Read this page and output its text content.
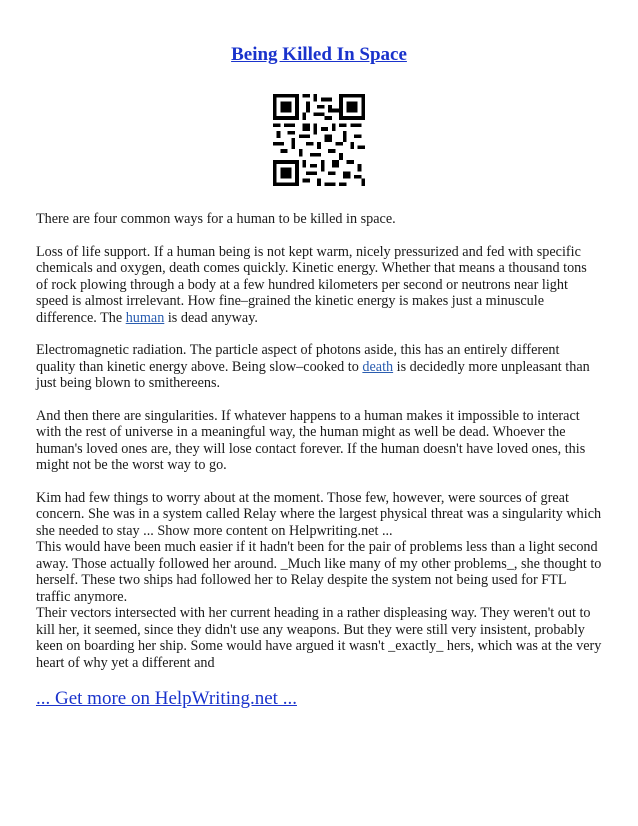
Being Killed In Space

There are four common ways for a human to be killed in space.

Loss of life support. If a human being is not kept warm, nicely pressurized and fed with specific chemicals and oxygen, death comes quickly. Kinetic energy. Whether that means a thousand tons of rock plowing through a body at a few hundred kilometers per second or neutrons near light speed is almost irrelevant. How fine–grained the kinetic energy is makes just a minuscule difference. The human is dead anyway.

Electromagnetic radiation. The particle aspect of photons aside, this has an entirely different quality than kinetic energy above. Being slow–cooked to death is decidedly more unpleasant than just being blown to smithereens.

And then there are singularities. If whatever happens to a human makes it impossible to interact with the rest of universe in a meaningful way, the human might as well be dead. Whoever the human's loved ones are, they will lose contact forever. If the human doesn't have loved ones, this might not be the worst way to go.

Kim had few things to worry about at the moment. Those few, however, were sources of great concern. She was in a system called Relay where the largest physical threat was a singularity which she needed to stay ... Show more content on Helpwriting.net ...

This would have been much easier if it hadn't been for the pair of problems less than a light second away. Those actually followed her around. _Much like many of my other problems_, she thought to herself. These two ships had followed her to Relay despite the system not being used for FTL traffic anymore.

Their vectors intersected with her current heading in a rather displeasing way. They weren't out to kill her, it seemed, since they didn't use any weapons. But they were still very insistent, probably keen on boarding her ship. Some would have argued it wasn't _exactly_ hers, which was at the very heart of why yet a different and

... Get more on HelpWriting.net ...
